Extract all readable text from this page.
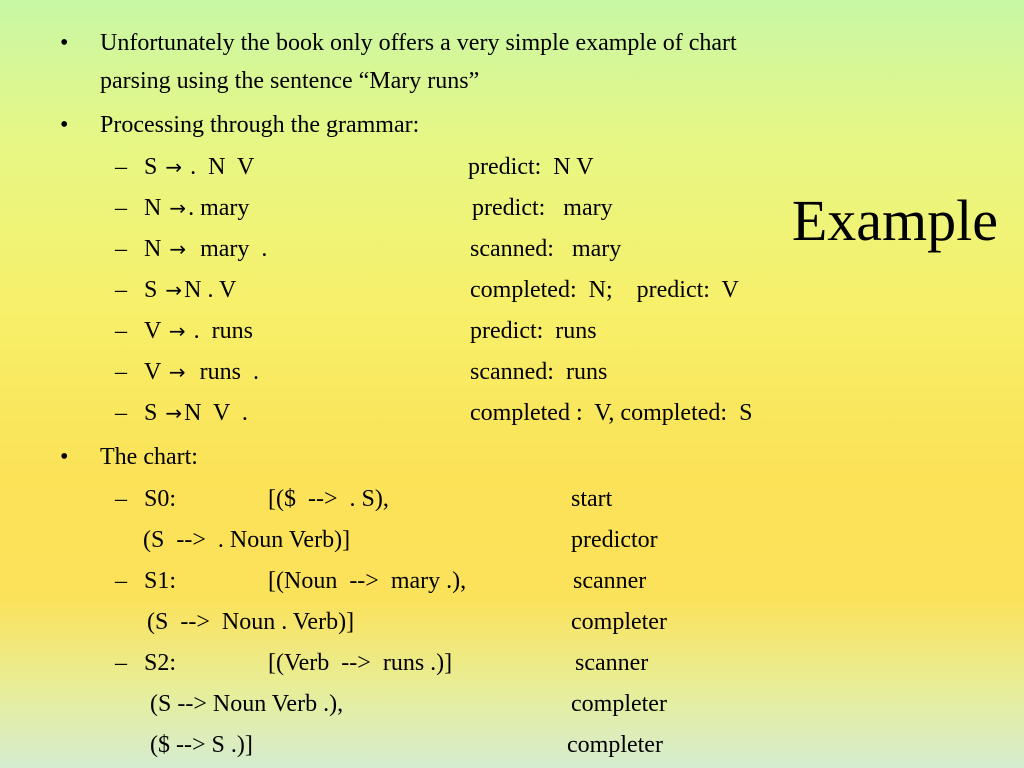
Example
• Unfortunately the book only offers a very simple example of chart
parsing using the sentence “Mary runs”
• Processing through the grammar:
– S → .  N  V	predict:  N V
– N →. mary	predict:   mary
– N →  mary  .	scanned:   mary
– S →N . V	completed:  N;    predict:  V
– V → .  runs	predict:  runs
– V →  runs  .	scanned:  runs
– S →N  V  .	completed :  V, completed:  S
• The chart:
– S0:	[($  -->  . S),	start
(S  -->  . Noun Verb)]	predictor
– S1:	[(Noun  -->  mary .),	scanner
(S  -->  Noun . Verb)]	completer
– S2:	[(Verb  -->  runs .)]	scanner
(S --> Noun Verb .),	completer
($ --> S .)]	completer
